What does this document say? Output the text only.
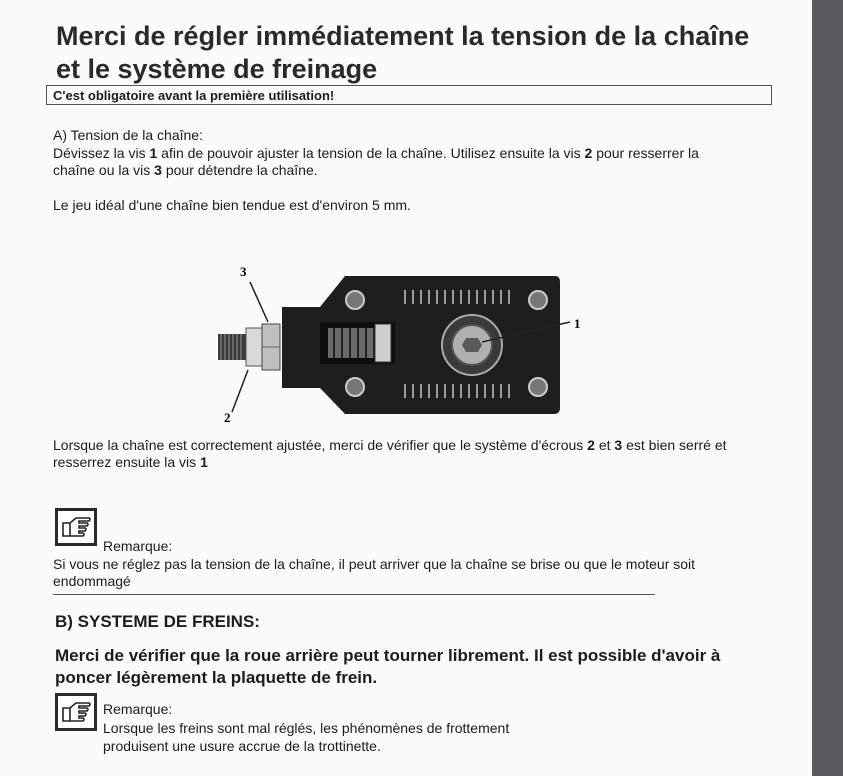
Merci de régler immédiatement la tension de la chaîne et le système de freinage
C'est obligatoire avant la première utilisation!
A) Tension de la chaîne:
Dévissez la vis 1 afin de pouvoir ajuster la tension de la chaîne. Utilisez ensuite la vis 2 pour resserrer la chaîne ou la vis 3 pour détendre la chaîne.
Le jeu idéal d'une chaîne bien tendue est d'environ 5 mm.
3
2
1
Lorsque la chaîne est correctement ajustée, merci de vérifier que le système d'écrous 2 et 3 est bien serré et resserrez ensuite la vis 1
Remarque:
Si vous ne réglez pas la tension de la chaîne, il peut arriver que la chaîne se brise ou que le moteur soit endommagé
B) SYSTEME DE FREINS:
Merci de vérifier que la roue arrière peut tourner librement. Il est possible d'avoir à poncer légèrement la plaquette de frein.
Remarque:
Lorsque les freins sont mal réglés, les phénomènes de frottement produisent une usure accrue de la trottinette.
